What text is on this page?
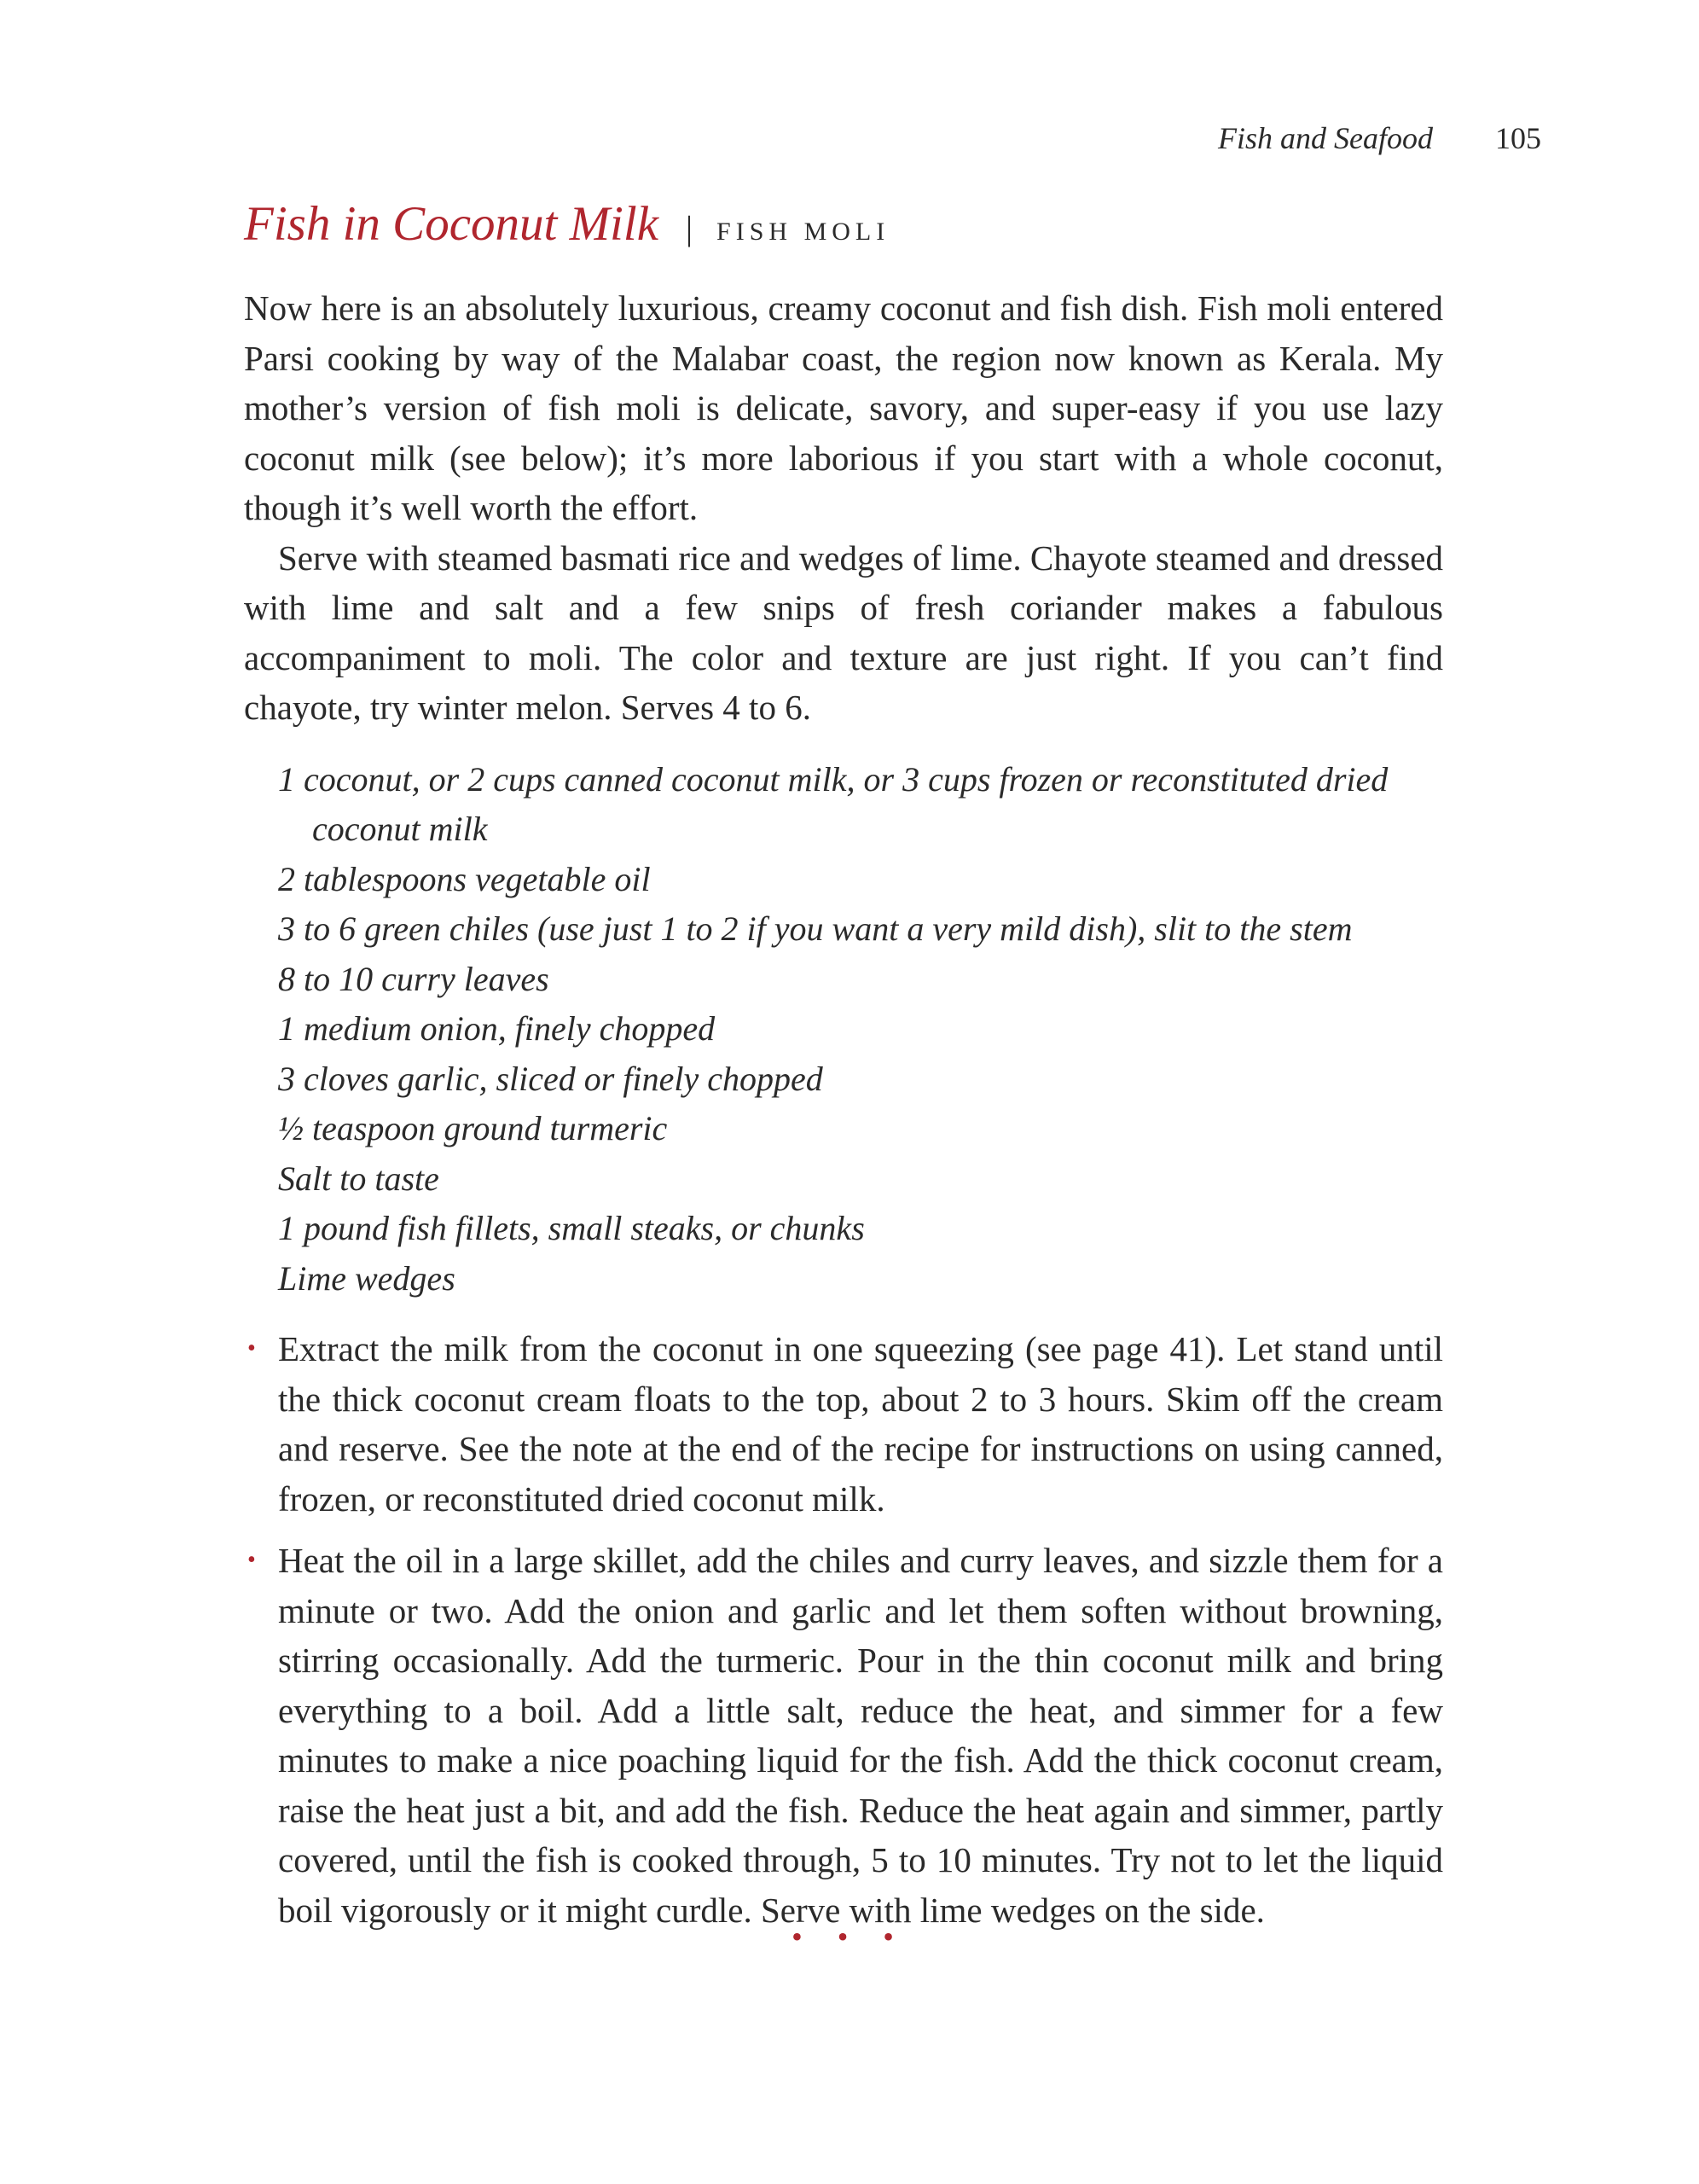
Fish and Seafood 105
Fish in Coconut Milk | FISH MOLI

Now here is an absolutely luxurious, creamy coconut and fish dish. Fish moli entered Parsi cooking by way of the Malabar coast, the region now known as Kerala. My mother’s version of fish moli is delicate, savory, and super-easy if you use lazy coconut milk (see below); it’s more laborious if you start with a whole coconut, though it’s well worth the effort.

Serve with steamed basmati rice and wedges of lime. Chayote steamed and dressed with lime and salt and a few snips of fresh coriander makes a fabulous accompaniment to moli. The color and texture are just right. If you can’t find chayote, try winter melon. Serves 4 to 6.

1 coconut, or 2 cups canned coconut milk, or 3 cups frozen or reconstituted dried coconut milk
2 tablespoons vegetable oil
3 to 6 green chiles (use just 1 to 2 if you want a very mild dish), slit to the stem
8 to 10 curry leaves
1 medium onion, finely chopped
3 cloves garlic, sliced or finely chopped
½ teaspoon ground turmeric
Salt to taste
1 pound fish fillets, small steaks, or chunks
Lime wedges
• Extract the milk from the coconut in one squeezing (see page 41). Let stand until the thick coconut cream floats to the top, about 2 to 3 hours. Skim off the cream and reserve. See the note at the end of the recipe for instructions on using canned, frozen, or reconstituted dried coconut milk.
• Heat the oil in a large skillet, add the chiles and curry leaves, and sizzle them for a minute or two. Add the onion and garlic and let them soften without browning, stirring occasionally. Add the turmeric. Pour in the thin coconut milk and bring everything to a boil. Add a little salt, reduce the heat, and simmer for a few minutes to make a nice poaching liquid for the fish. Add the thick coconut cream, raise the heat just a bit, and add the fish. Reduce the heat again and simmer, partly covered, until the fish is cooked through, 5 to 10 minutes. Try not to let the liquid boil vigorously or it might curdle. Serve with lime wedges on the side.
• • •
